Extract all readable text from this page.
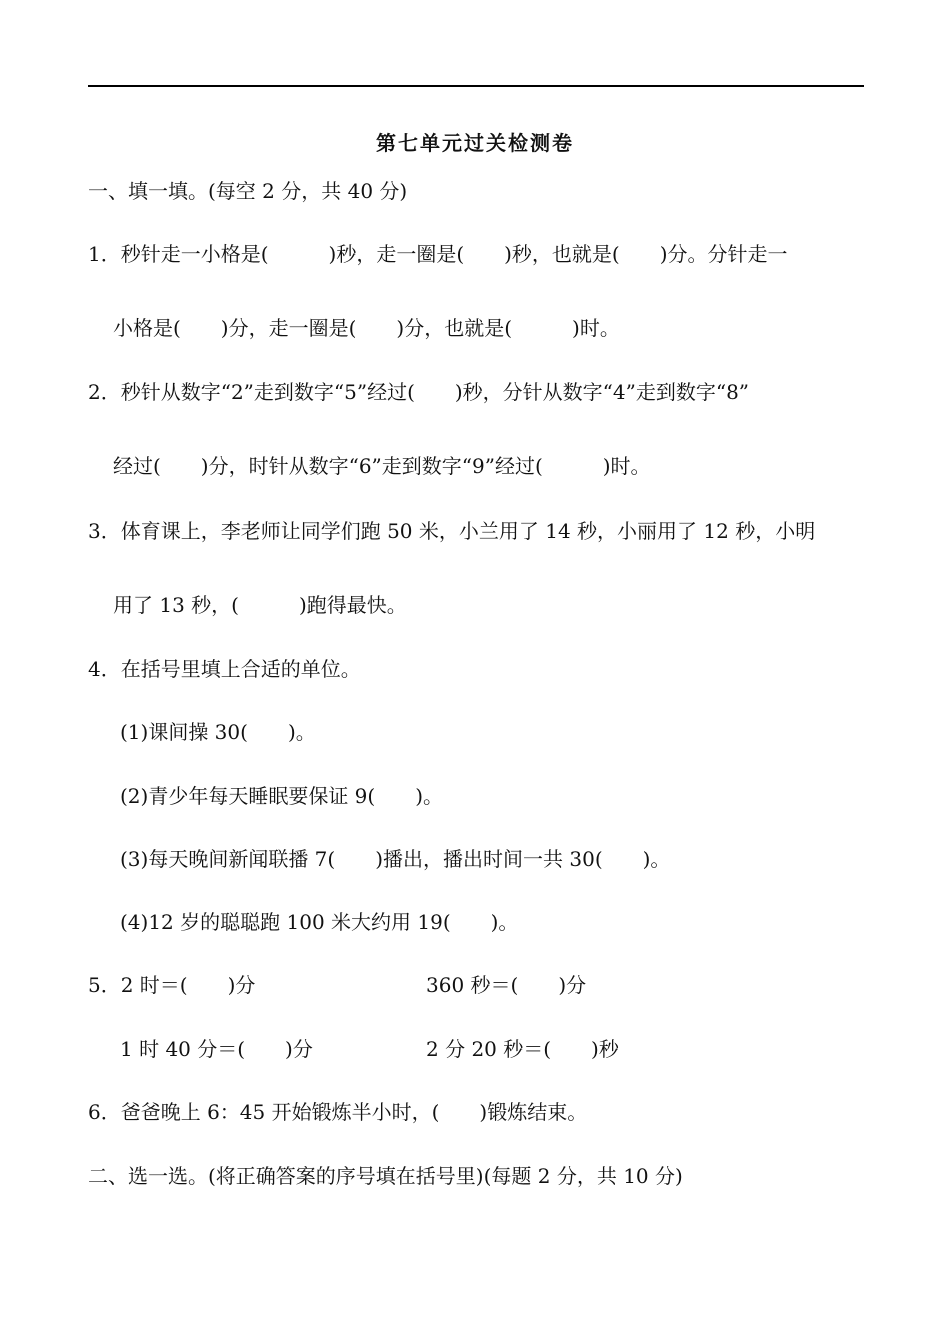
第七单元过关检测卷
一、填一填。(每空 2 分，共 40 分)
1．秒针走一小格是(　　　)秒，走一圈是(　　)秒，也就是(　　)分。分针走一
小格是(　　)分，走一圈是(　　)分，也就是(　　　)时。
2．秒针从数字“2”走到数字“5”经过(　　)秒，分针从数字“4”走到数字“8”
经过(　　)分，时针从数字“6”走到数字“9”经过(　　　)时。
3．体育课上，李老师让同学们跑 50 米，小兰用了 14 秒，小丽用了 12 秒，小明
用了 13 秒，(　　　)跑得最快。
4．在括号里填上合适的单位。
(1)课间操 30(　　)。
(2)青少年每天睡眠要保证 9(　　)。
(3)每天晚间新闻联播 7(　　)播出，播出时间一共 30(　　)。
(4)12 岁的聪聪跑 100 米大约用 19(　　)。
5．2 时＝(　　)分	360 秒＝(　　)分
1 时 40 分＝(　　)分	2 分 20 秒＝(　　)秒
6．爸爸晚上 6：45 开始锻炼半小时，(　　)锻炼结束。
二、选一选。(将正确答案的序号填在括号里)(每题 2 分，共 10 分)
